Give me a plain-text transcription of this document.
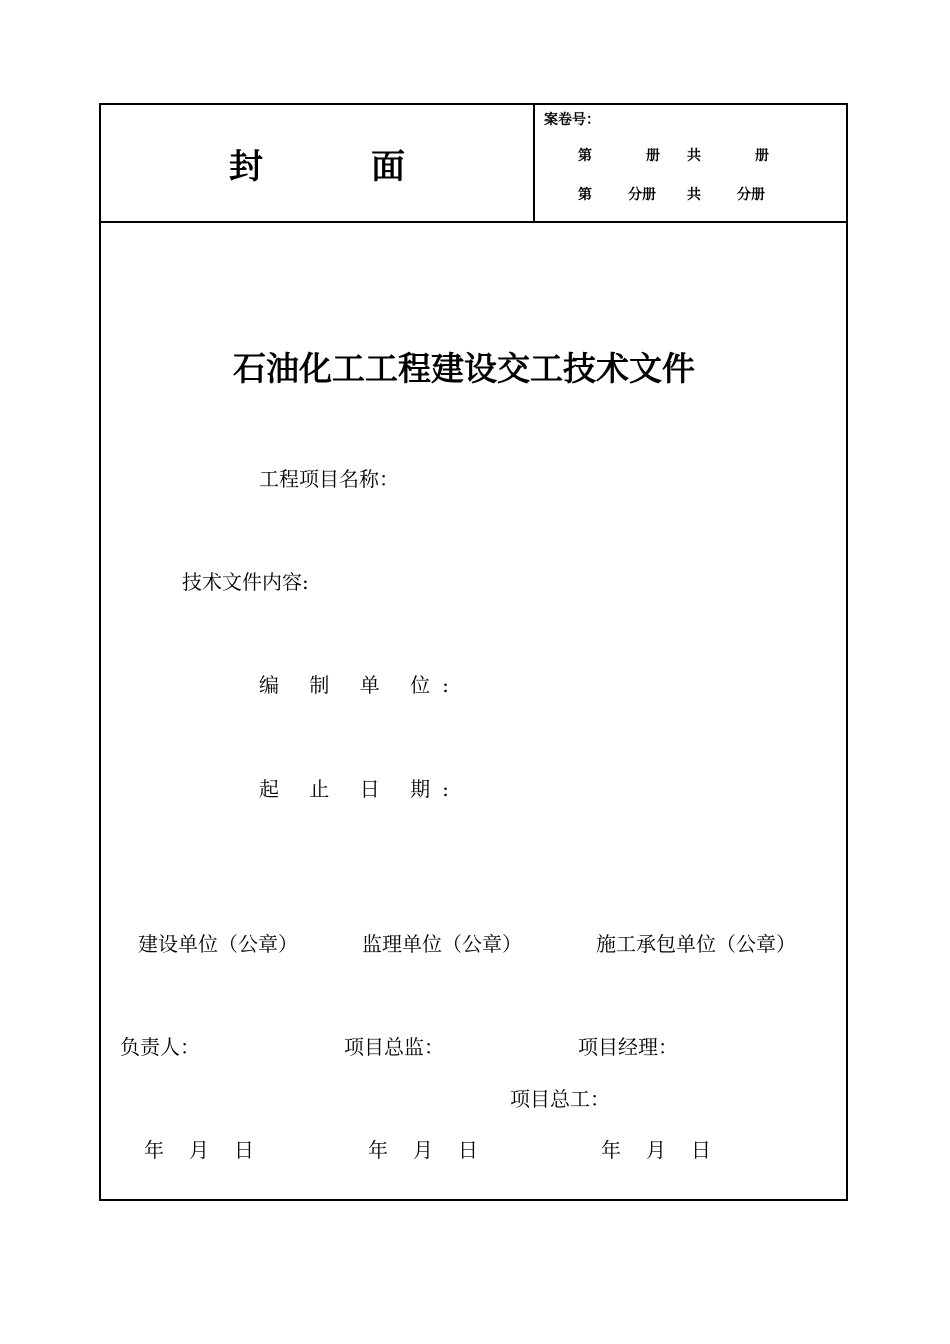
封	面
案卷号：
第	册 共	册
第	分册 共	分册
石油化工工程建设交工技术文件
工程项目名称：
技术文件内容:
编 制 单 位:
起 止 日 期:
建设单位（公章）	监理单位（公章）	施工承包单位（公章）
负责人：	项目总监：	项目经理：
项目总工：
年 月 日	年 月 日	年 月 日
